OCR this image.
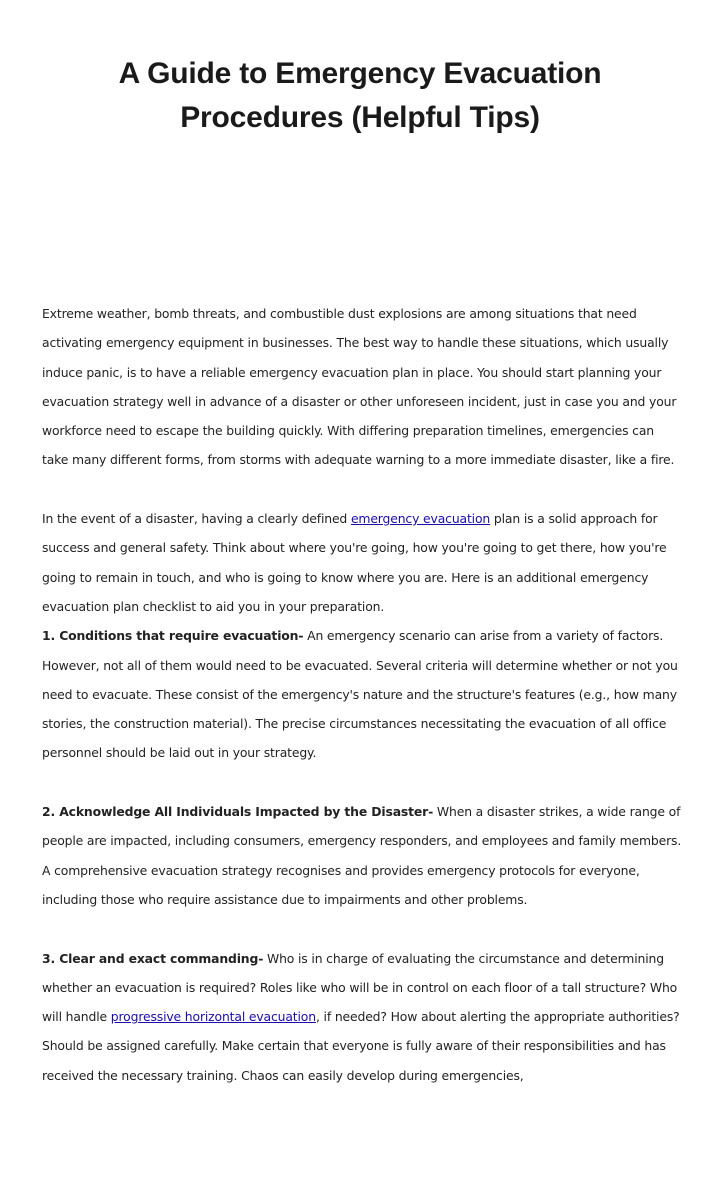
A Guide to Emergency Evacuation
Procedures (Helpful Tips)

Extreme weather, bomb threats, and combustible dust explosions are among situations that need activating emergency equipment in businesses. The best way to handle these situations, which usually induce panic, is to have a reliable emergency evacuation plan in place. You should start planning your evacuation strategy well in advance of a disaster or other unforeseen incident, just in case you and your workforce need to escape the building quickly. With differing preparation timelines, emergencies can take many different forms, from storms with adequate warning to a more immediate disaster, like a fire.

In the event of a disaster, having a clearly defined emergency evacuation plan is a solid approach for success and general safety. Think about where you're going, how you're going to get there, how you're going to remain in touch, and who is going to know where you are. Here is an additional emergency evacuation plan checklist to aid you in your preparation.

1. Conditions that require evacuation- An emergency scenario can arise from a variety of factors. However, not all of them would need to be evacuated. Several criteria will determine whether or not you need to evacuate. These consist of the emergency's nature and the structure's features (e.g., how many stories, the construction material). The precise circumstances necessitating the evacuation of all office personnel should be laid out in your strategy.

2. Acknowledge All Individuals Impacted by the Disaster- When a disaster strikes, a wide range of people are impacted, including consumers, emergency responders, and employees and family members. A comprehensive evacuation strategy recognises and provides emergency protocols for everyone, including those who require assistance due to impairments and other problems.

3. Clear and exact commanding- Who is in charge of evaluating the circumstance and determining whether an evacuation is required? Roles like who will be in control on each floor of a tall structure? Who will handle progressive horizontal evacuation, if needed? How about alerting the appropriate authorities? Should be assigned carefully. Make certain that everyone is fully aware of their responsibilities and has received the necessary training. Chaos can easily develop during emergencies,
